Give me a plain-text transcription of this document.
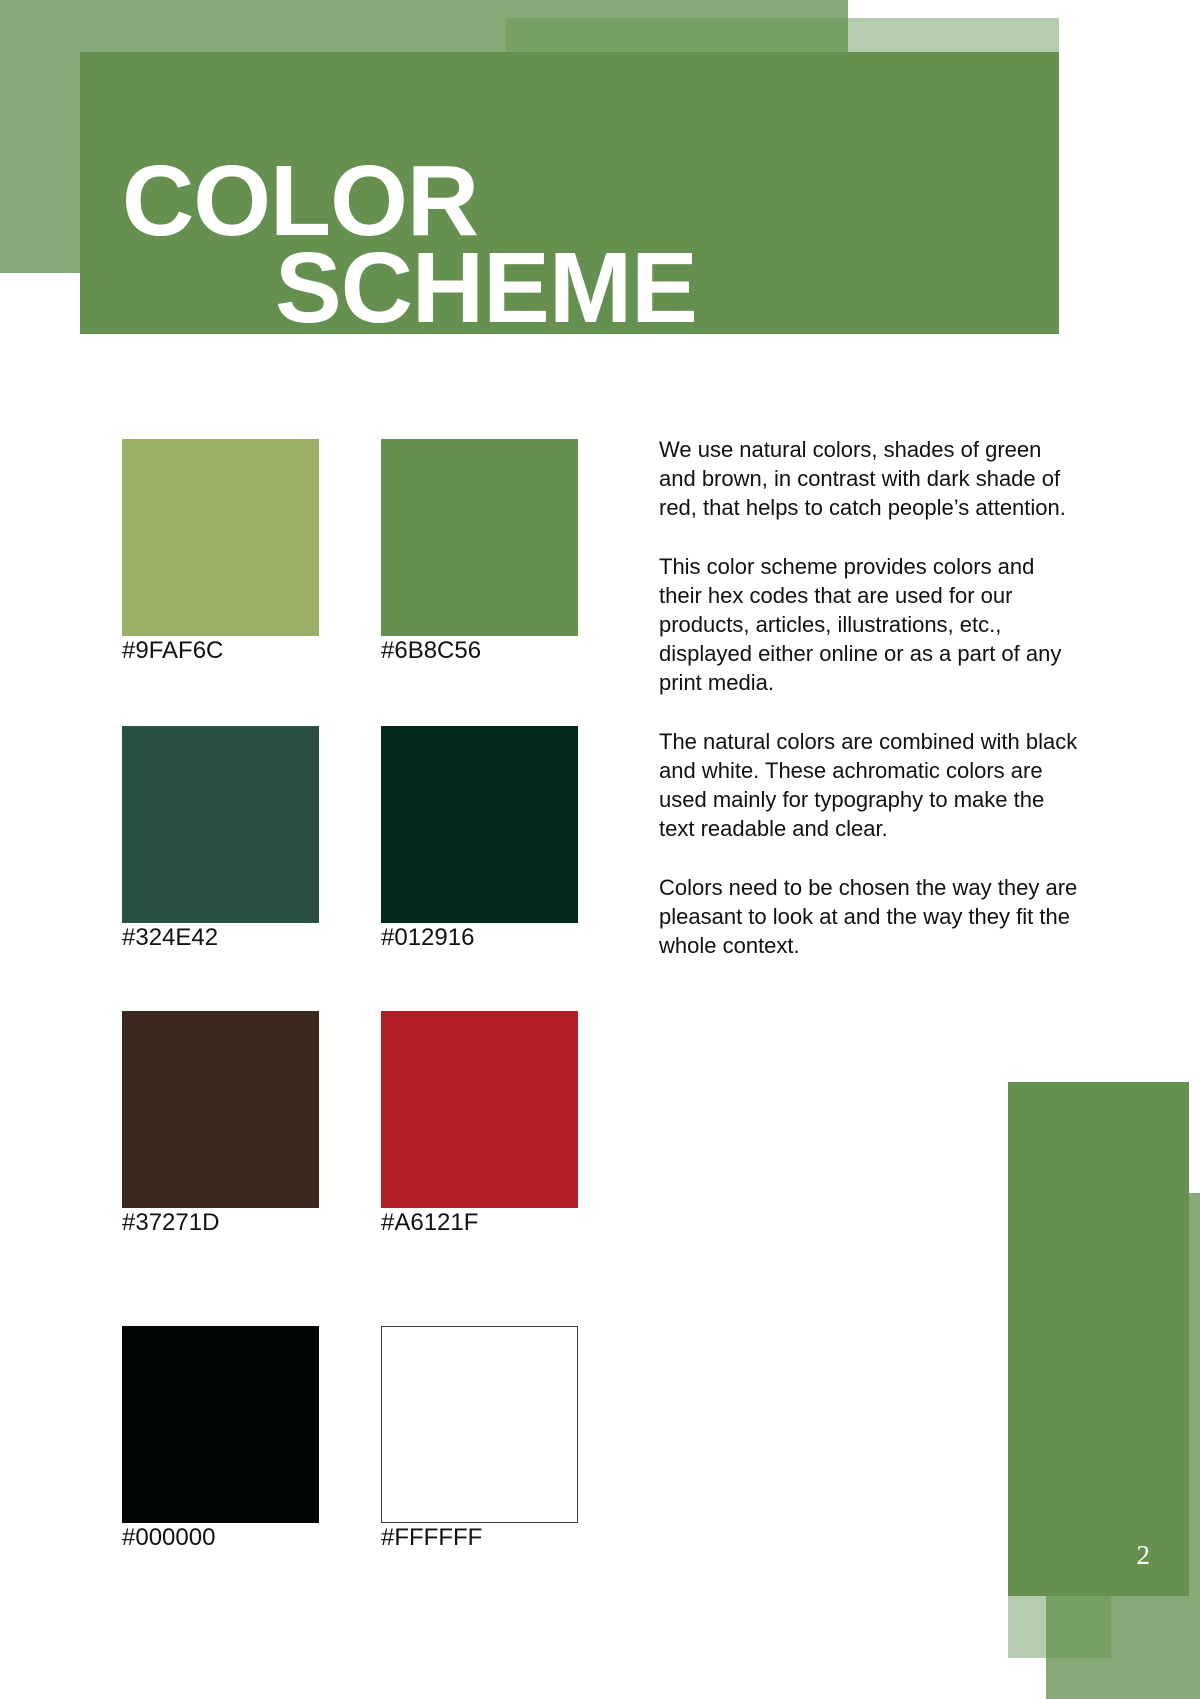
COLOR
SCHEME
#9FAF6C	#6B8C56
#324E42	#012916
#37271D	#A6121F
#000000	#FFFFFF

We use natural colors, shades of green and brown, in contrast with dark shade of red, that helps to catch people’s attention.

This color scheme provides colors and their hex codes that are used for our products, articles, illustrations, etc., displayed either online or as a part of any print media.

The natural colors are combined with black and white. These achromatic colors are used mainly for typography to make the text readable and clear.

Colors need to be chosen the way they are pleasant to look at and the way they fit the whole context.

2
